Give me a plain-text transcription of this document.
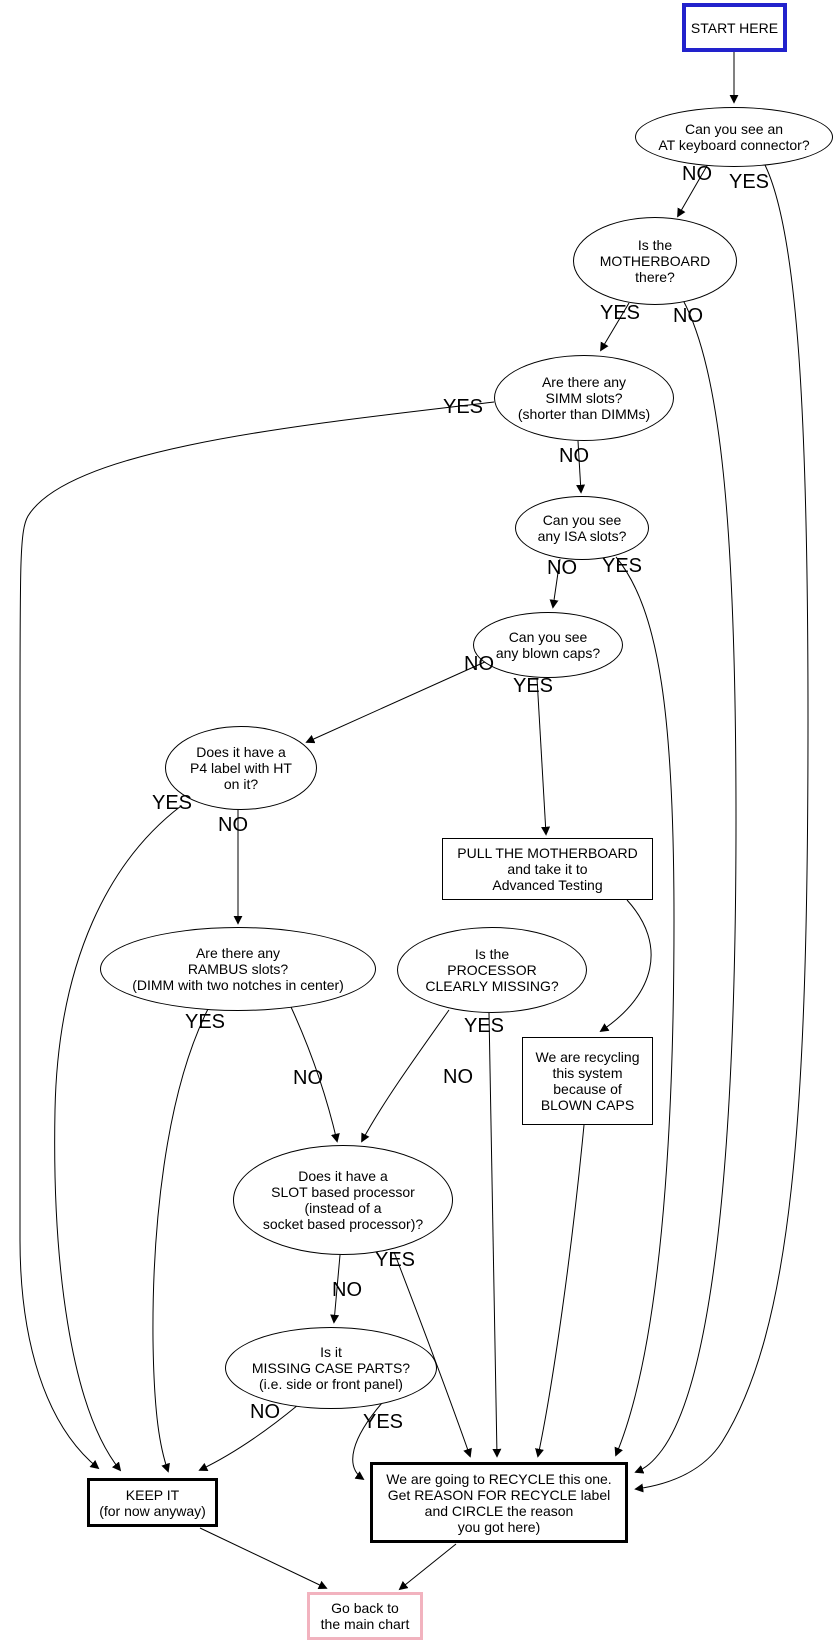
START HERE
Can you see an
AT keyboard connector?
Is the
MOTHERBOARD
there?
Are there any
SIMM slots?
(shorter than DIMMs)
Can you see
any ISA slots?
Can you see
any blown caps?
Does it have a
P4 label with HT
on it?
PULL THE MOTHERBOARD
and take it to
Advanced Testing
Are there any
RAMBUS slots?
(DIMM with two notches in center)
Is the
PROCESSOR
CLEARLY MISSING?
We are recycling
this system
because of
BLOWN CAPS
Does it have a
SLOT based processor
(instead of a
socket based processor)?
Is it
MISSING CASE PARTS?
(i.e. side or front panel)
KEEP IT
(for now anyway)
We are going to RECYCLE this one.
Get REASON FOR RECYCLE label
and CIRCLE the reason
you got here)
Go back to
the main chart
NO YES
YES NO
YES
NO
NO YES
NO
YES
YES
NO
YES
NO
YES
NO
YES
NO
NO	YES
